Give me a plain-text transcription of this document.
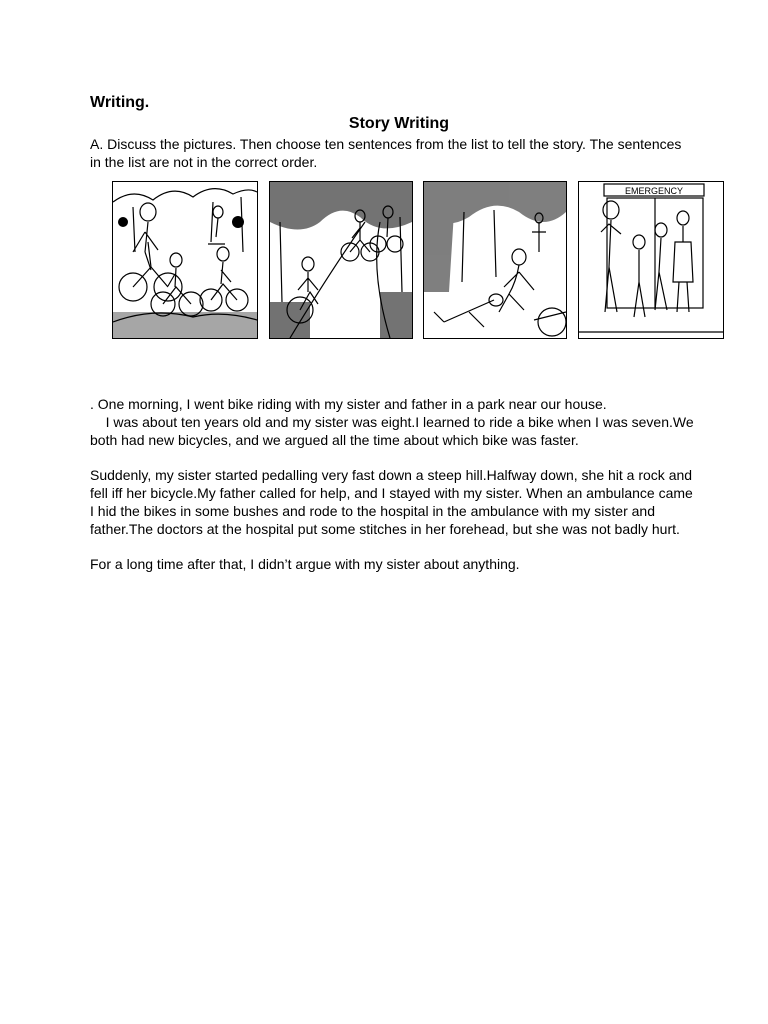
Writing.
Story Writing
A. Discuss the pictures. Then choose ten sentences from the list to tell the story. The sentences in the list are not in the correct order.
EMERGENCY

. One morning, I went bike riding with my sister and father in a park near our house.
I was about ten years old and my sister was eight.I learned to ride a bike when I was seven.We both had new bicycles, and we argued all the time about which bike was faster.

Suddenly, my sister started pedalling very fast down a steep hill.Halfway down, she hit a rock and fell iff her bicycle.My father called for help, and I stayed with my sister. When an ambulance came I hid the bikes in some bushes and rode to the hospital in the ambulance with my sister and father.The doctors at the hospital put some stitches in her forehead, but she was not badly hurt.

For a long time after that, I didn’t argue with my sister about anything.
